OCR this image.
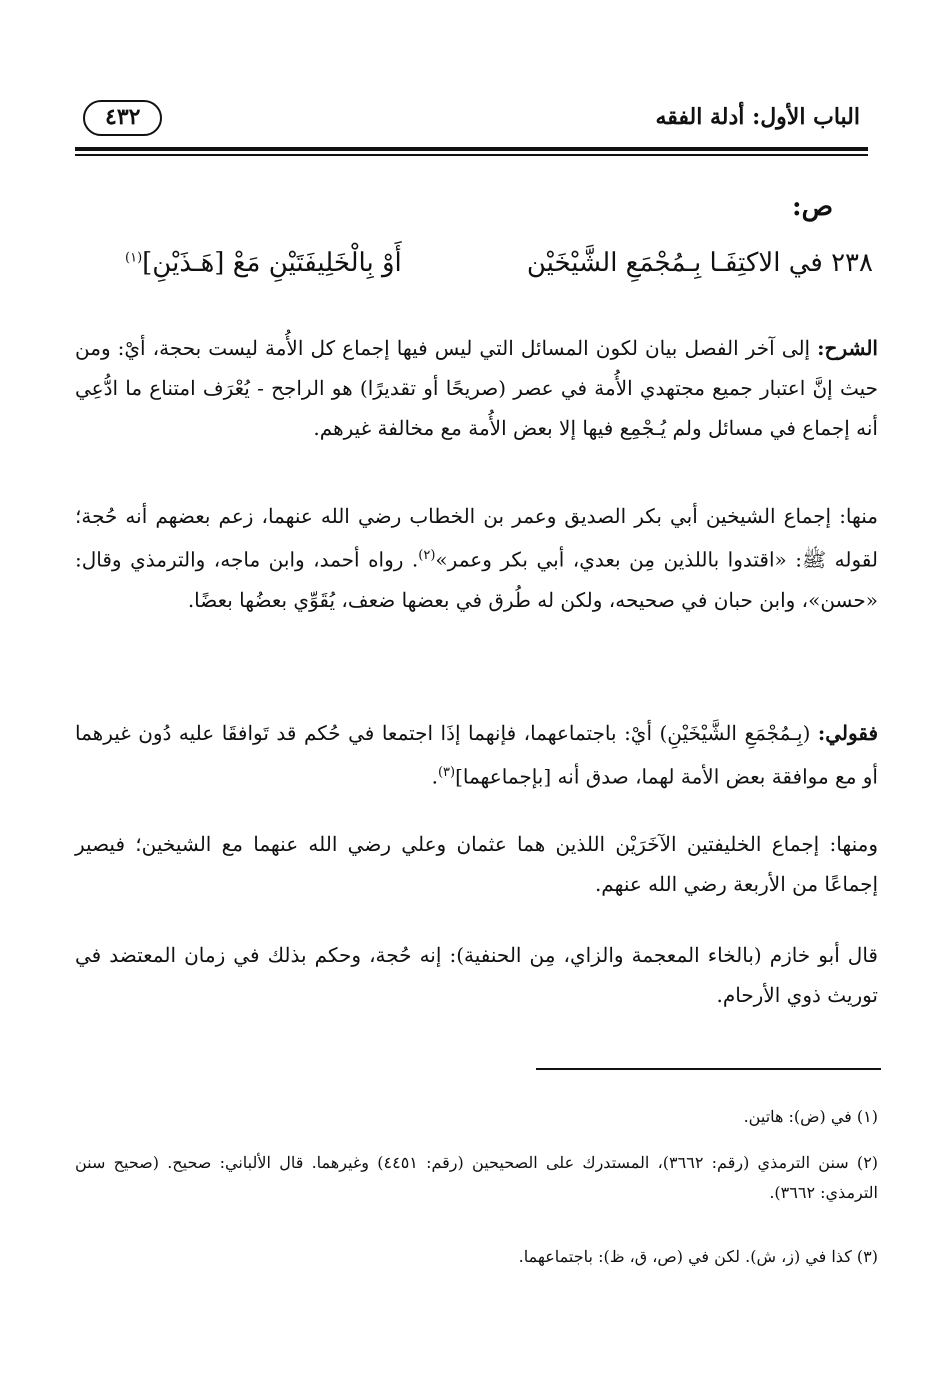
الباب الأول: أدلة الفقه
٤٣٢
ص:
٢٣٨ في الاكتِفَـا بِـمُجْمَعِ الشَّيْخَيْن
أَوْ بِالْخَلِيفَتَيْنِ مَعْ [هَـذَيْنِ]$^{(١)}$
الشرح: إلى آخر الفصل بيان لكون المسائل التي ليس فيها إجماع كل الأُمة ليست بحجة، أيْ: ومن حيث إنَّ اعتبار جميع مجتهدي الأُمة في عصر (صريحًا أو تقديرًا) هو الراجح - يُعْرَف امتناع ما ادُّعِي أنه إجماع في مسائل ولم يُـجْمِع فيها إلا بعض الأُمة مع مخالفة غيرهم.
منها: إجماع الشيخين أبي بكر الصديق وعمر بن الخطاب رضي الله عنهما، زعم بعضهم أنه حُجة؛ لقوله ﷺ: «اقتدوا باللذين مِن بعدي، أبي بكر وعمر»$^{(٢)}$. رواه أحمد، وابن ماجه، والترمذي وقال: «حسن»، وابن حبان في صحيحه، ولكن له طُرق في بعضها ضعف، يُقَوِّي بعضُها بعضًا.
فقولي: (بِـمُجْمَعِ الشَّيْخَيْنِ) أيْ: باجتماعهما، فإنهما إذَا اجتمعا في حُكم قد تَوافقَا عليه دُون غيرهما أو مع موافقة بعض الأمة لهما، صدق أنه [بإجماعهما]$^{(٣)}$.
ومنها: إجماع الخليفتين الآخَرَيْن اللذين هما عثمان وعلي رضي الله عنهما مع الشيخين؛ فيصير إجماعًا من الأربعة رضي الله عنهم.
قال أبو خازم (بالخاء المعجمة والزاي، مِن الحنفية): إنه حُجة، وحكم بذلك في زمان المعتضد في توريث ذوي الأرحام.
(١) في (ض): هاتين.
(٢) سنن الترمذي (رقم: ٣٦٦٢)، المستدرك على الصحيحين (رقم: ٤٤٥١) وغيرهما. قال الألباني: صحيح. (صحيح سنن الترمذي: ٣٦٦٢).
(٣) كذا في (ز، ش). لكن في (ص، ق، ظ): باجتماعهما.
